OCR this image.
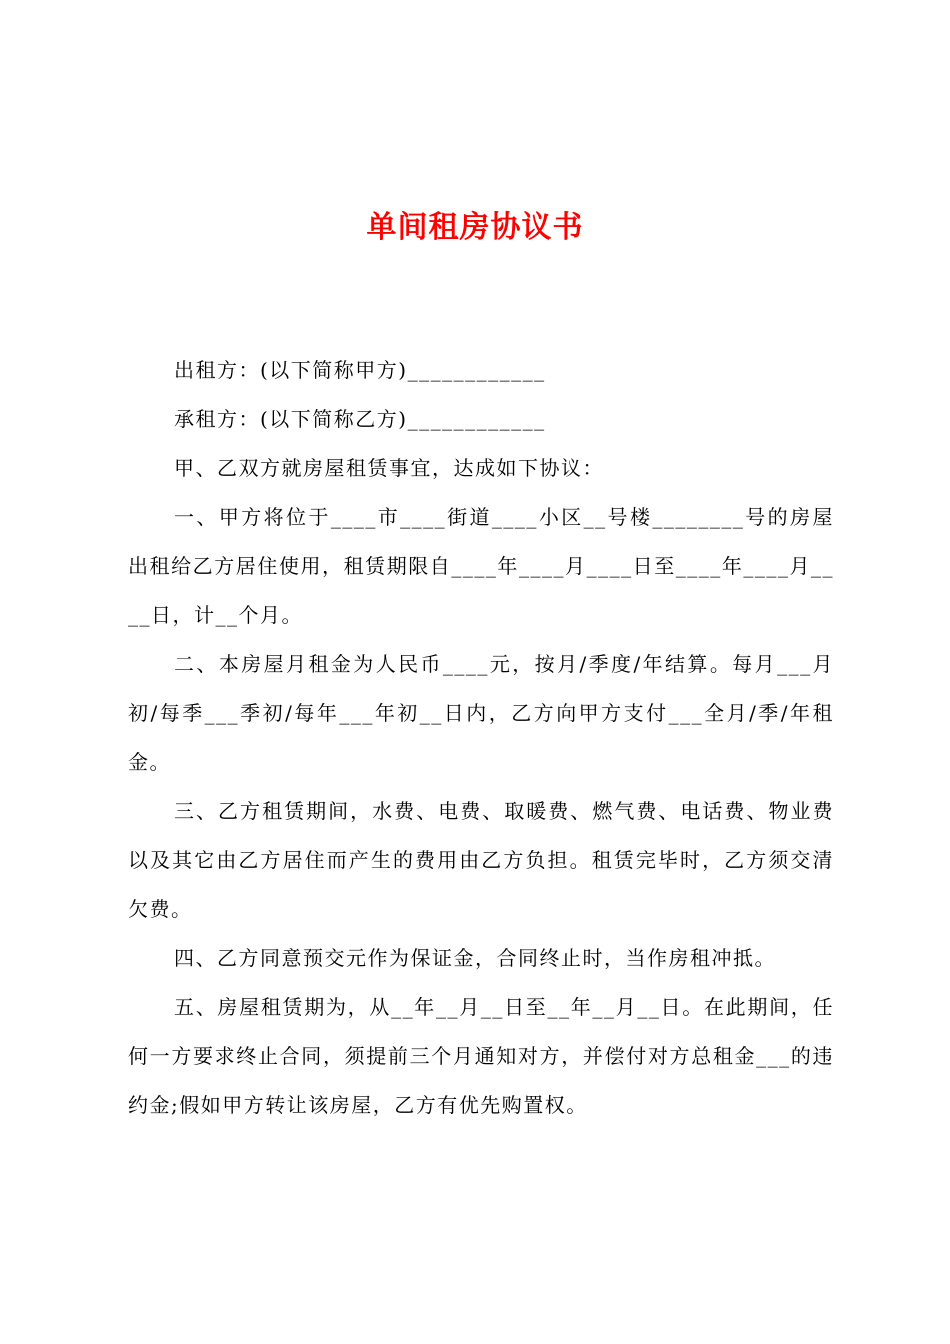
单间租房协议书

出租方：(以下简称甲方)____________

承租方：(以下简称乙方)____________

甲、乙双方就房屋租赁事宜，达成如下协议：

一、甲方将位于____市____街道____小区__号楼________号的房屋出租给乙方居住使用，租赁期限自____年____月____日至____年____月____日，计__个月。

二、本房屋月租金为人民币____元，按月/季度/年结算。每月___月初/每季___季初/每年___年初__日内，乙方向甲方支付___全月/季/年租金。

三、乙方租赁期间，水费、电费、取暖费、燃气费、电话费、物业费以及其它由乙方居住而产生的费用由乙方负担。租赁完毕时，乙方须交清欠费。

四、乙方同意预交元作为保证金，合同终止时，当作房租冲抵。

五、房屋租赁期为，从__年__月__日至__年__月__日。在此期间，任何一方要求终止合同，须提前三个月通知对方，并偿付对方总租金___的违约金;假如甲方转让该房屋，乙方有优先购置权。
